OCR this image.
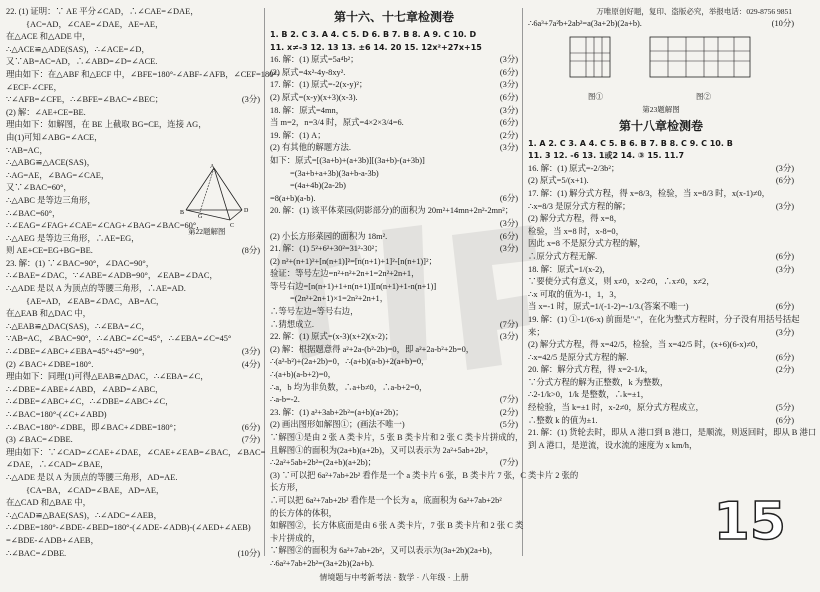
万唯原创好题，复印、盗版必究，举报电话：029-8756 9851
22. (1) 证明：∵ AE 平分∠CAD，∴∠CAE=∠DAE，
{AC=AD，∠CAE=∠DAE，AE=AE，
在△ACE 和△ADE 中，
∴△ACE≌△ADE(SAS)，∴∠ACE=∠D，
又∵AB=AC=AD，∴∠ABD=∠D=∠ACE.
理由如下：在△ABF 和△ECF 中，∠BFE=180°-∠ABF-∠AFB，∠CEF=180°-
∠ECF-∠CFE，
∵∠AFB=∠CFE，∴∠BFE=∠BAC=∠BEC；	(3分)
(2) 解：∠AE+CE=BE.
理由如下：如解图，在 BE 上截取 BG=CE，连接 AG，
由(1)可知∠ABG=∠ACE，
∵AB=AC，
∴△ABG≌△ACE(SAS)，
∴AG=AE，∠BAG=∠CAE，
又∵∠BAC=60°，
∴△ABC 是等边三角形，
∴∠BAC=60°，
∴∠EAG=∠FAG+∠CAE=∠CAG+∠BAG=∠BAC=60°，
∴△AEG 是等边三角形，∴AE=EG，
则 AE+CE=EG+BG=BE.	(8分)
23. 解：(1) ∵∠BAC=90°，∠DAC=90°，
∴∠BAE=∠DAC，∵∠ABE=∠ADB=90°，∠EAB=∠DAC，
∴△ADE 是以 A 为顶点的等腰三角形，∴AE=AD.
{AE=AD，∠EAB=∠DAC，AB=AC，
在△EAB 和△DAC 中，
∴△EAB≌△DAC(SAS)，∴∠EBA=∠C，
∵AB=AC，∠BAC=90°，∴∠ABC=∠C=45°，∴∠EBA=∠C=45°
∴∠DBE=∠ABC+∠EBA=45°+45°=90°，	(3分)
(2) ∠BAC+∠DBE=180°.	(4分)
理由如下：同理(1)可得△EAB≌△DAC，∴∠EBA=∠C，
∴∠DBE=∠ABE+∠ABD，∠ABD=∠ABC，
∴∠DBE=∠ABC+∠C，∴∠DBE=∠ABC+∠C，
∴∠BAC=180°-(∠C+∠ABD)
∴∠BAC=180°-∠DBE，即∠BAC+∠DBE=180°；	(6分)
(3) ∠BAC=∠DBE.	(7分)
理由如下：∵∠CAD=∠CAE+∠DAE，∠CAE+∠EAB=∠BAC，∠BAC=
∠DAE，∴∠CAD=∠BAE，
∴△ADE 是以 A 为顶点的等腰三角形，AD=AE.
{CA=BA，∠CAD=∠BAE，AD=AE，
在△CAD 和△BAE 中，
∴△CAD≌△BAE(SAS)，∴∠ADC=∠AEB，
∴∠DBE=180°-∠BDE-∠BED=180°-(∠ADE-∠ADB)-(∠AED+∠AEB)
=∠BDE-∠ADB+∠AEB，
∴∠BAC=∠DBE.	(10分)
A
B	D
C
G
第22题解图
第十六、十七章检测卷
1. B 2. C 3. A 4. C 5. D 6. B 7. B 8. A 9. C 10. D
11. x≠-3 12. 13 13. ±6 14. 20 15. 12x²+27x+15
16. 解：(1) 原式=5a⁴b²；	(3分)
(2) 原式=4x²-4y-8xy².	(6分)
17. 解：(1) 原式=-2(x-y)²；	(3分)
(2) 原式=(x-y)(x+3)(x-3).	(6分)
18. 解：原式=4mn，	(3分)
当 m=2，n=3/4 时，原式=4×2×3/4=6.	(6分)
19. 解：(1) A；	(2分)
(2) 有其他的解题方法.	(3分)
如下：原式=[(3a+b)+(a+3b)][(3a+b)-(a+3b)]
=(3a+b+a+3b)(3a+b-a-3b)
=(4a+4b)(2a-2b)
=8(a+b)(a-b).	(6分)
20. 解：(1) 该平体菜园(阴影部分)的面积为 20m²+14mn+2n²-2mn²；
(3分)
(2) 小长方形菜园的面积为 18m².	(6分)
21. 解：(1) 5²+6²+30²=31²-30²；	(3分)
(2) n²+(n+1)²+[n(n+1)]²=[n(n+1)+1]²-[n(n+1)]²；
验证：等号左边=n²+n²+2n+1=2n²+2n+1，
等号右边=[n(n+1)+1+n(n+1)][n(n+1)+1-n(n+1)]
=(2n²+2n+1)×1=2n²+2n+1，
∴等号左边=等号右边，
∴猜想成立.	(7分)
22. 解：(1) 原式=(x-3)(x+2)(x-2)；	(3分)
(2) 解：根据题意得 a²+2a-(b²-2b)=0，即 a²+2a-b²+2b=0，
∴(a²-b²)+(2a+2b)=0，∴(a+b)(a-b)+2(a+b)=0，
∴(a+b)(a-b+2)=0，
∴a，b 均为非负数，∴a+b≠0，∴a-b+2=0，
∴a-b=-2.	(7分)
23. 解：(1) a²+3ab+2b²=(a+b)(a+2b)；	(2分)
(2) 画出图形如解图①；(画法不唯一)	(5分)
∵解图①是由 2 张 A 类卡片，5 张 B 类卡片和 2 张 C 类卡片拼成的，
且解图①的面积为(2a+b)(a+2b)，又可以表示为 2a²+5ab+2b²，
∴2a²+5ab+2b²=(2a+b)(a+2b)；	(7分)
(3) ∵可以把 6a²+7ab+2b² 看作是一个 a 类卡片 6 张，B 类卡片 7 张，C 类卡片 2 张的
长方形，
∴可以把 6a²+7ab+2b² 看作是一个长为 a，底面积为 6a²+7ab+2b²
的长方体的体积，
如解图②，长方体底面是由 6 张 A 类卡片，7 张 B 类卡片和 2 张 C 类
卡片拼成的，
∵解图②的面积为 6a²+7ab+2b²，又可以表示为(3a+2b)(2a+b)，
∴6a²+7ab+2b²=(3a+2b)(2a+b).
∴6a³+7a²b+2ab²=a(3a+2b)(2a+b).	(10分)
图①	图②
第23题解图
第十八章检测卷
1. A 2. C 3. A 4. C 5. B 6. B 7. B 8. C 9. C 10. B
11. 3 12. -6 13. 1或2 14. ③ 15. 11.7
16. 解：(1) 原式=-2/3b²；	(3分)
(2) 原式=5/(x+1).	(6分)
17. 解：(1) 解分式方程，得 x=8/3，检验，当 x=8/3 时，x(x-1)≠0，
∴x=8/3 是原分式方程的解；	(3分)
(2) 解分式方程，得 x=8，
检验，当 x=8 时，x-8=0，
因此 x=8 不是原分式方程的解，
∴原分式方程无解.	(6分)
18. 解：原式=1/(x-2)，	(3分)
∵要使分式有意义，则 x≠0，x-2≠0，∴x≠0，x≠2，
∴x 可取的值为-1，1，3，
当 x=-1 时，原式=1/(-1-2)=-1/3.(答案不唯一)	(6分)
19. 解：(1) ①-1/(6-x) 前面是"-"，在化为整式方程时，分子没有用括号括起
来；	(3分)
(2) 解分式方程，得 x=42/5，检验，当 x=42/5 时，(x+6)(6-x)≠0，
∴x=42/5 是原分式方程的解.	(6分)
20. 解：解分式方程，得 x=2-1/k，	(2分)
∵分式方程的解为正整数，k 为整数，
∴2-1/k>0，1/k 是整数，∴k=±1，
经检验，当 k=±1 时，x-2≠0，原分式方程成立，	(5分)
∴整数 k 的值为±1.	(6分)
21. 解：(1) 货轮去时，即从 A 港口到 B 港口，是顺流，则返回时，即从 B 港口
到 A 港口，是逆流，设水流的速度为 x km/h，
15
情境题与中考新考法 · 数学 · 八年级 · 上册
